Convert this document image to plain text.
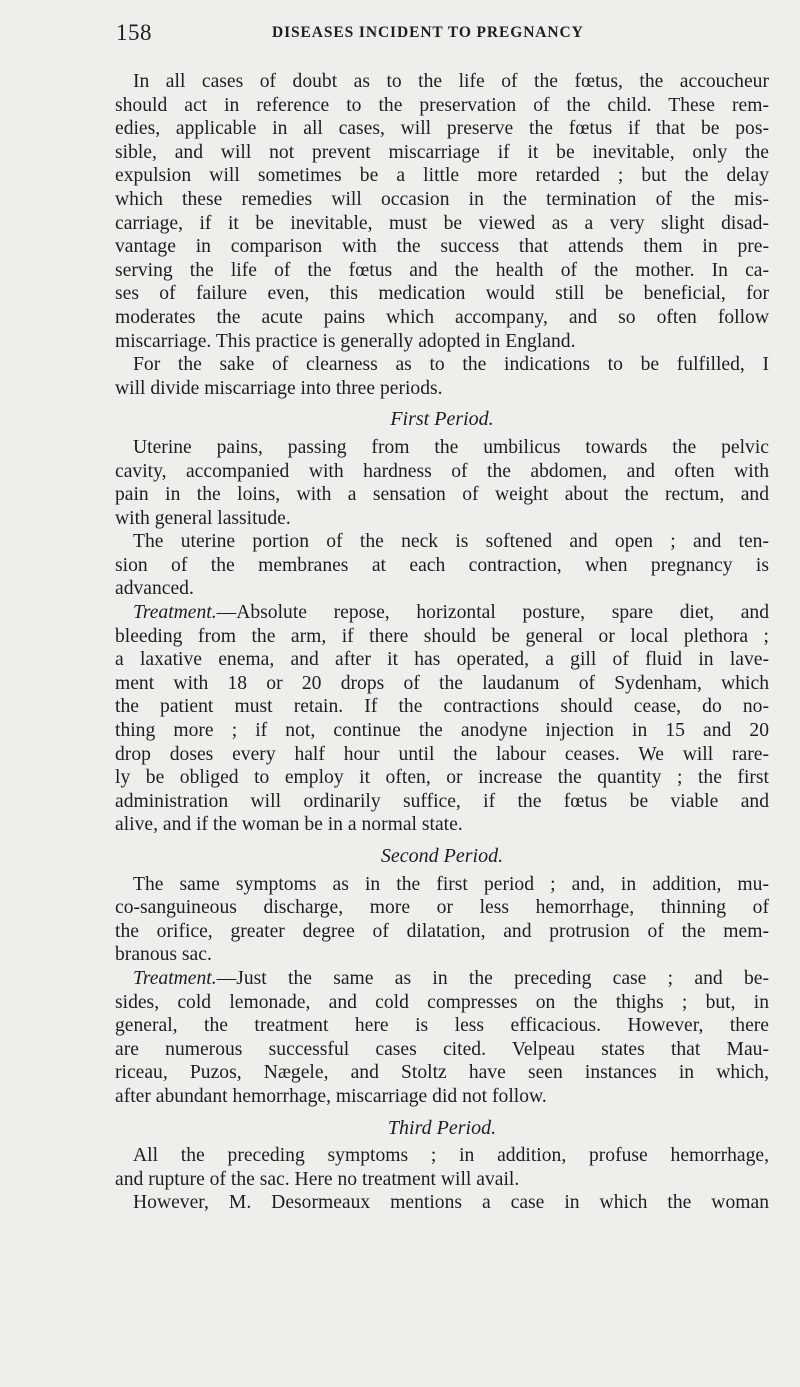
158	DISEASES INCIDENT TO PREGNANCY
In all cases of doubt as to the life of the fœtus, the accoucheur
should act in reference to the preservation of the child. These rem-
edies, applicable in all cases, will preserve the fœtus if that be pos-
sible, and will not prevent miscarriage if it be inevitable, only the
expulsion will sometimes be a little more retarded ; but the delay
which these remedies will occasion in the termination of the mis-
carriage, if it be inevitable, must be viewed as a very slight disad-
vantage in comparison with the success that attends them in pre-
serving the life of the fœtus and the health of the mother. In ca-
ses of failure even, this medication would still be beneficial, for
moderates the acute pains which accompany, and so often follow
miscarriage. This practice is generally adopted in England.
For the sake of clearness as to the indications to be fulfilled, I
will divide miscarriage into three periods.
First Period.
Uterine pains, passing from the umbilicus towards the pelvic
cavity, accompanied with hardness of the abdomen, and often with
pain in the loins, with a sensation of weight about the rectum, and
with general lassitude.
The uterine portion of the neck is softened and open ; and ten-
sion of the membranes at each contraction, when pregnancy is
advanced.
Treatment.—Absolute repose, horizontal posture, spare diet, and
bleeding from the arm, if there should be general or local plethora ;
a laxative enema, and after it has operated, a gill of fluid in lave-
ment with 18 or 20 drops of the laudanum of Sydenham, which
the patient must retain. If the contractions should cease, do no-
thing more ; if not, continue the anodyne injection in 15 and 20
drop doses every half hour until the labour ceases. We will rare-
ly be obliged to employ it often, or increase the quantity ; the first
administration will ordinarily suffice, if the fœtus be viable and
alive, and if the woman be in a normal state.
Second Period.
The same symptoms as in the first period ; and, in addition, mu-
co-sanguineous discharge, more or less hemorrhage, thinning of
the orifice, greater degree of dilatation, and protrusion of the mem-
branous sac.
Treatment.—Just the same as in the preceding case ; and be-
sides, cold lemonade, and cold compresses on the thighs ; but, in
general, the treatment here is less efficacious. However, there
are numerous successful cases cited. Velpeau states that Mau-
riceau, Puzos, Nægele, and Stoltz have seen instances in which,
after abundant hemorrhage, miscarriage did not follow.
Third Period.
All the preceding symptoms ; in addition, profuse hemorrhage,
and rupture of the sac. Here no treatment will avail.
However, M. Desormeaux mentions a case in which the woman
